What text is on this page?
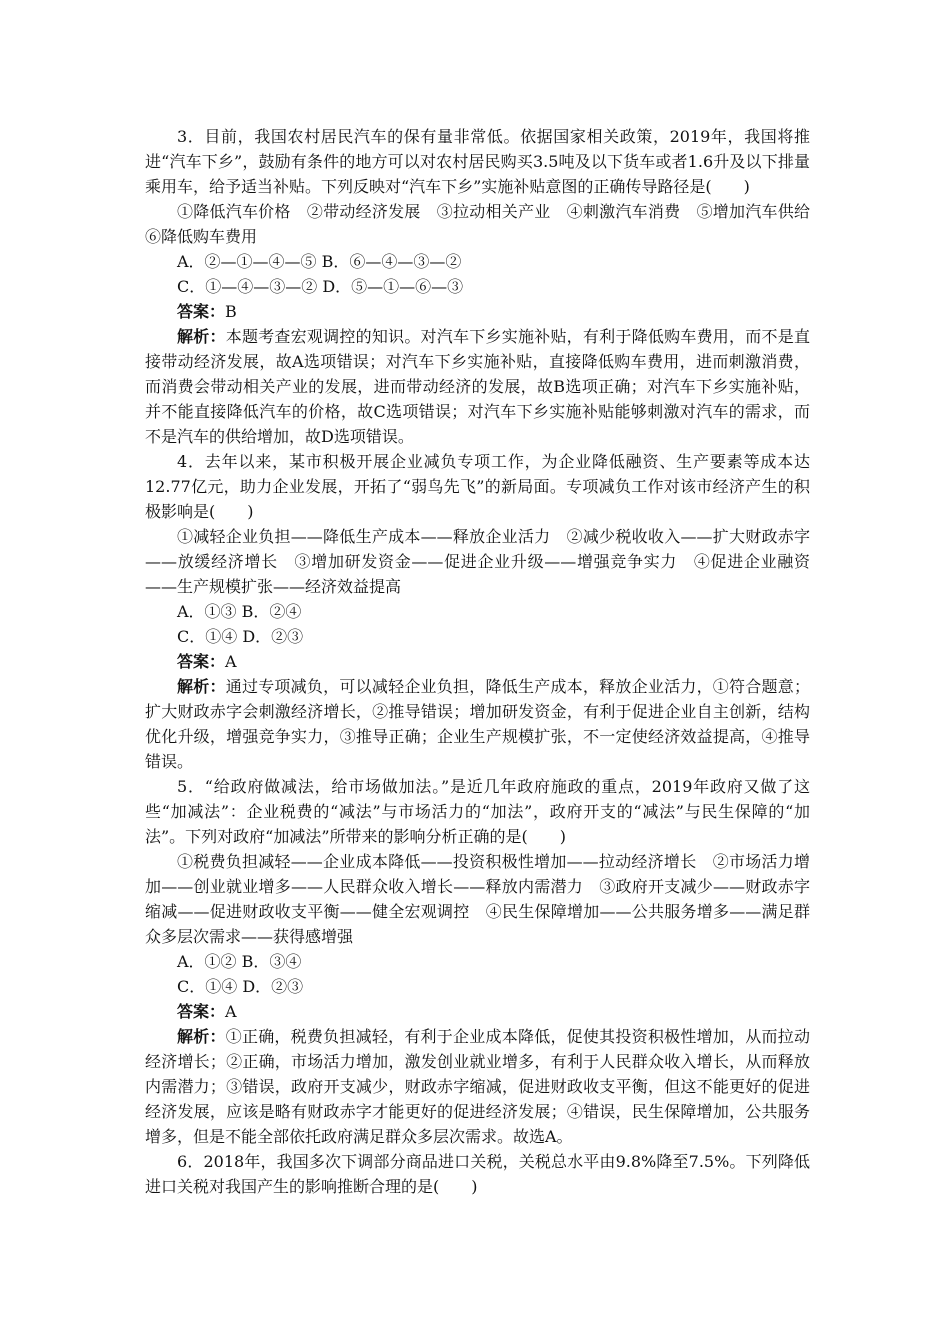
3．目前，我国农村居民汽车的保有量非常低。依据国家相关政策，2019年，我国将推进“汽车下乡”，鼓励有条件的地方可以对农村居民购买3.5吨及以下货车或者1.6升及以下排量乘用车，给予适当补贴。下列反映对“汽车下乡”实施补贴意图的正确传导路径是(　　)

①降低汽车价格　②带动经济发展　③拉动相关产业　④刺激汽车消费　⑤增加汽车供给　⑥降低购车费用

A．②—①—④—⑤ B．⑥—④—③—②

C．①—④—③—② D．⑤—①—⑥—③

答案：B

解析：本题考查宏观调控的知识。对汽车下乡实施补贴，有利于降低购车费用，而不是直接带动经济发展，故A选项错误；对汽车下乡实施补贴，直接降低购车费用，进而刺激消费，而消费会带动相关产业的发展，进而带动经济的发展，故B选项正确；对汽车下乡实施补贴，并不能直接降低汽车的价格，故C选项错误；对汽车下乡实施补贴能够刺激对汽车的需求，而不是汽车的供给增加，故D选项错误。

4．去年以来，某市积极开展企业减负专项工作，为企业降低融资、生产要素等成本达12.77亿元，助力企业发展，开拓了“弱鸟先飞”的新局面。专项减负工作对该市经济产生的积极影响是(　　)

①减轻企业负担——降低生产成本——释放企业活力　②减少税收收入——扩大财政赤字——放缓经济增长　③增加研发资金——促进企业升级——增强竞争实力　④促进企业融资——生产规模扩张——经济效益提高

A．①③ B．②④

C．①④ D．②③

答案：A

解析：通过专项减负，可以减轻企业负担，降低生产成本，释放企业活力，①符合题意；扩大财政赤字会刺激经济增长，②推导错误；增加研发资金，有利于促进企业自主创新，结构优化升级，增强竞争实力，③推导正确；企业生产规模扩张，不一定使经济效益提高，④推导错误。

5．“给政府做减法，给市场做加法。”是近几年政府施政的重点，2019年政府又做了这些“加减法”：企业税费的“减法”与市场活力的“加法”，政府开支的“减法”与民生保障的“加法”。下列对政府“加减法”所带来的影响分析正确的是(　　)

①税费负担减轻——企业成本降低——投资积极性增加——拉动经济增长　②市场活力增加——创业就业增多——人民群众收入增长——释放内需潜力　③政府开支减少——财政赤字缩减——促进财政收支平衡——健全宏观调控　④民生保障增加——公共服务增多——满足群众多层次需求——获得感增强

A．①② B．③④

C．①④ D．②③

答案：A

解析：①正确，税费负担减轻，有利于企业成本降低，促使其投资积极性增加，从而拉动经济增长；②正确，市场活力增加，激发创业就业增多，有利于人民群众收入增长，从而释放内需潜力；③错误，政府开支减少，财政赤字缩减，促进财政收支平衡，但这不能更好的促进经济发展，应该是略有财政赤字才能更好的促进经济发展；④错误，民生保障增加，公共服务增多，但是不能全部依托政府满足群众多层次需求。故选A。

6．2018年，我国多次下调部分商品进口关税，关税总水平由9.8%降至7.5%。下列降低进口关税对我国产生的影响推断合理的是(　　)
